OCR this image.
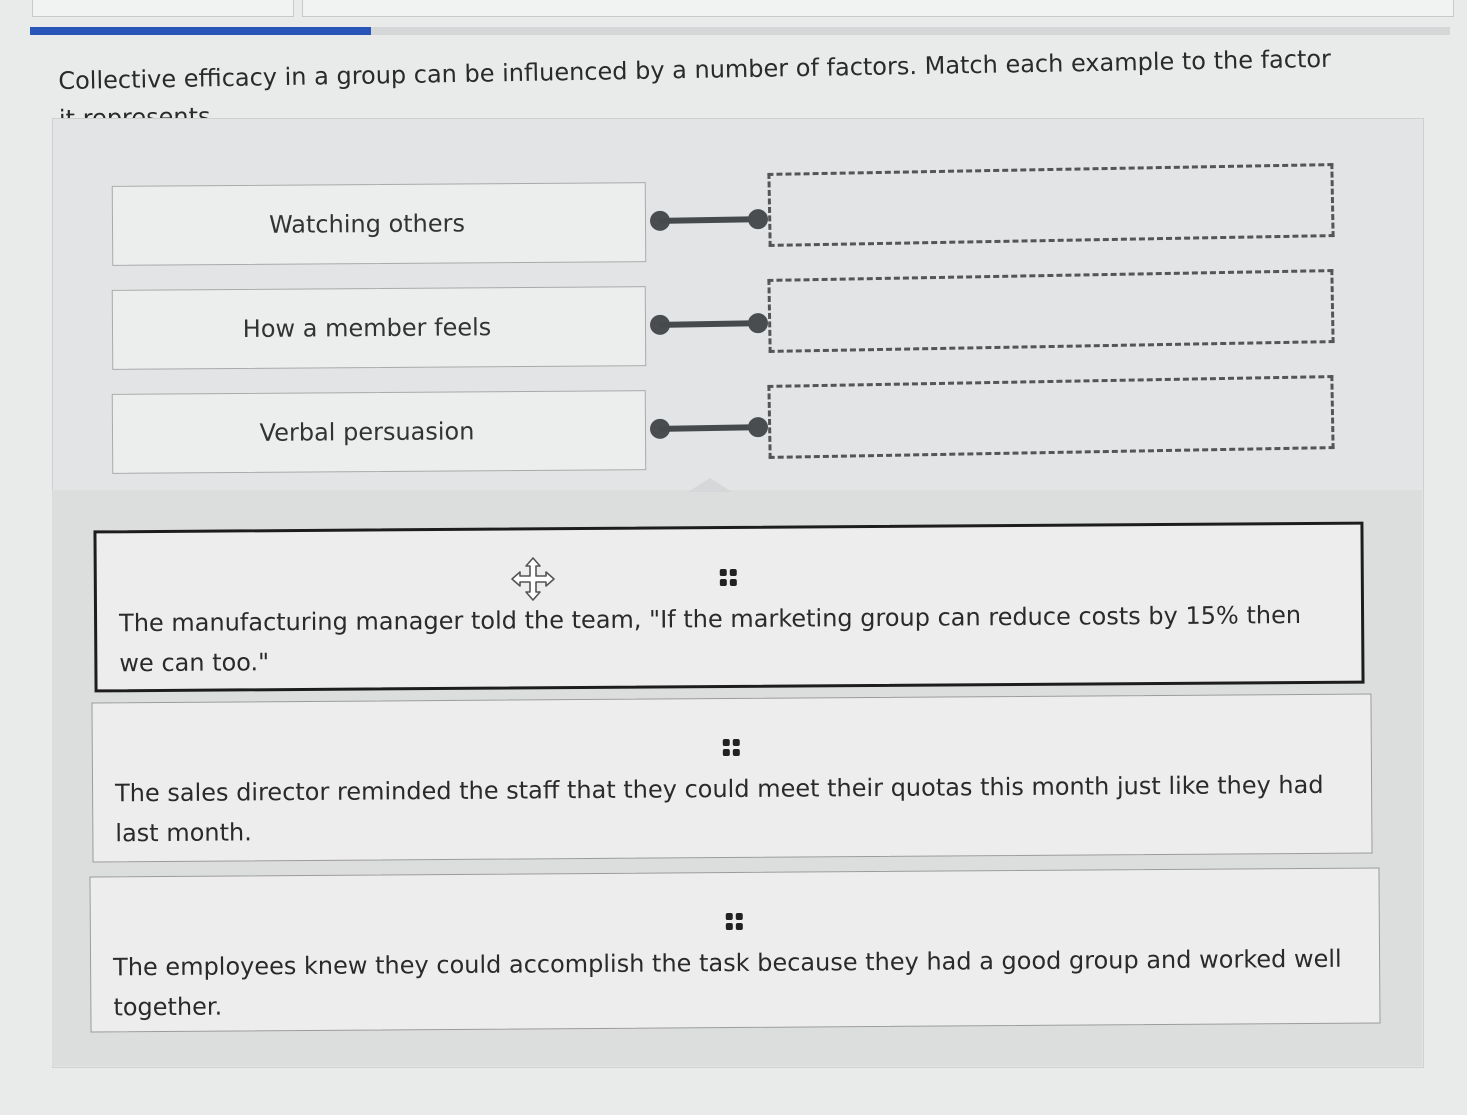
Collective efficacy in a group can be influenced by a number of factors. Match each example to the factor
Watching others
How a member feels
Verbal persuasion
The manufacturing manager told the team, "If the marketing group can reduce costs by 15% then we can too."
The sales director reminded the staff that they could meet their quotas this month just like they had last month.
The employees knew they could accomplish the task because they had a good group and worked well together.
